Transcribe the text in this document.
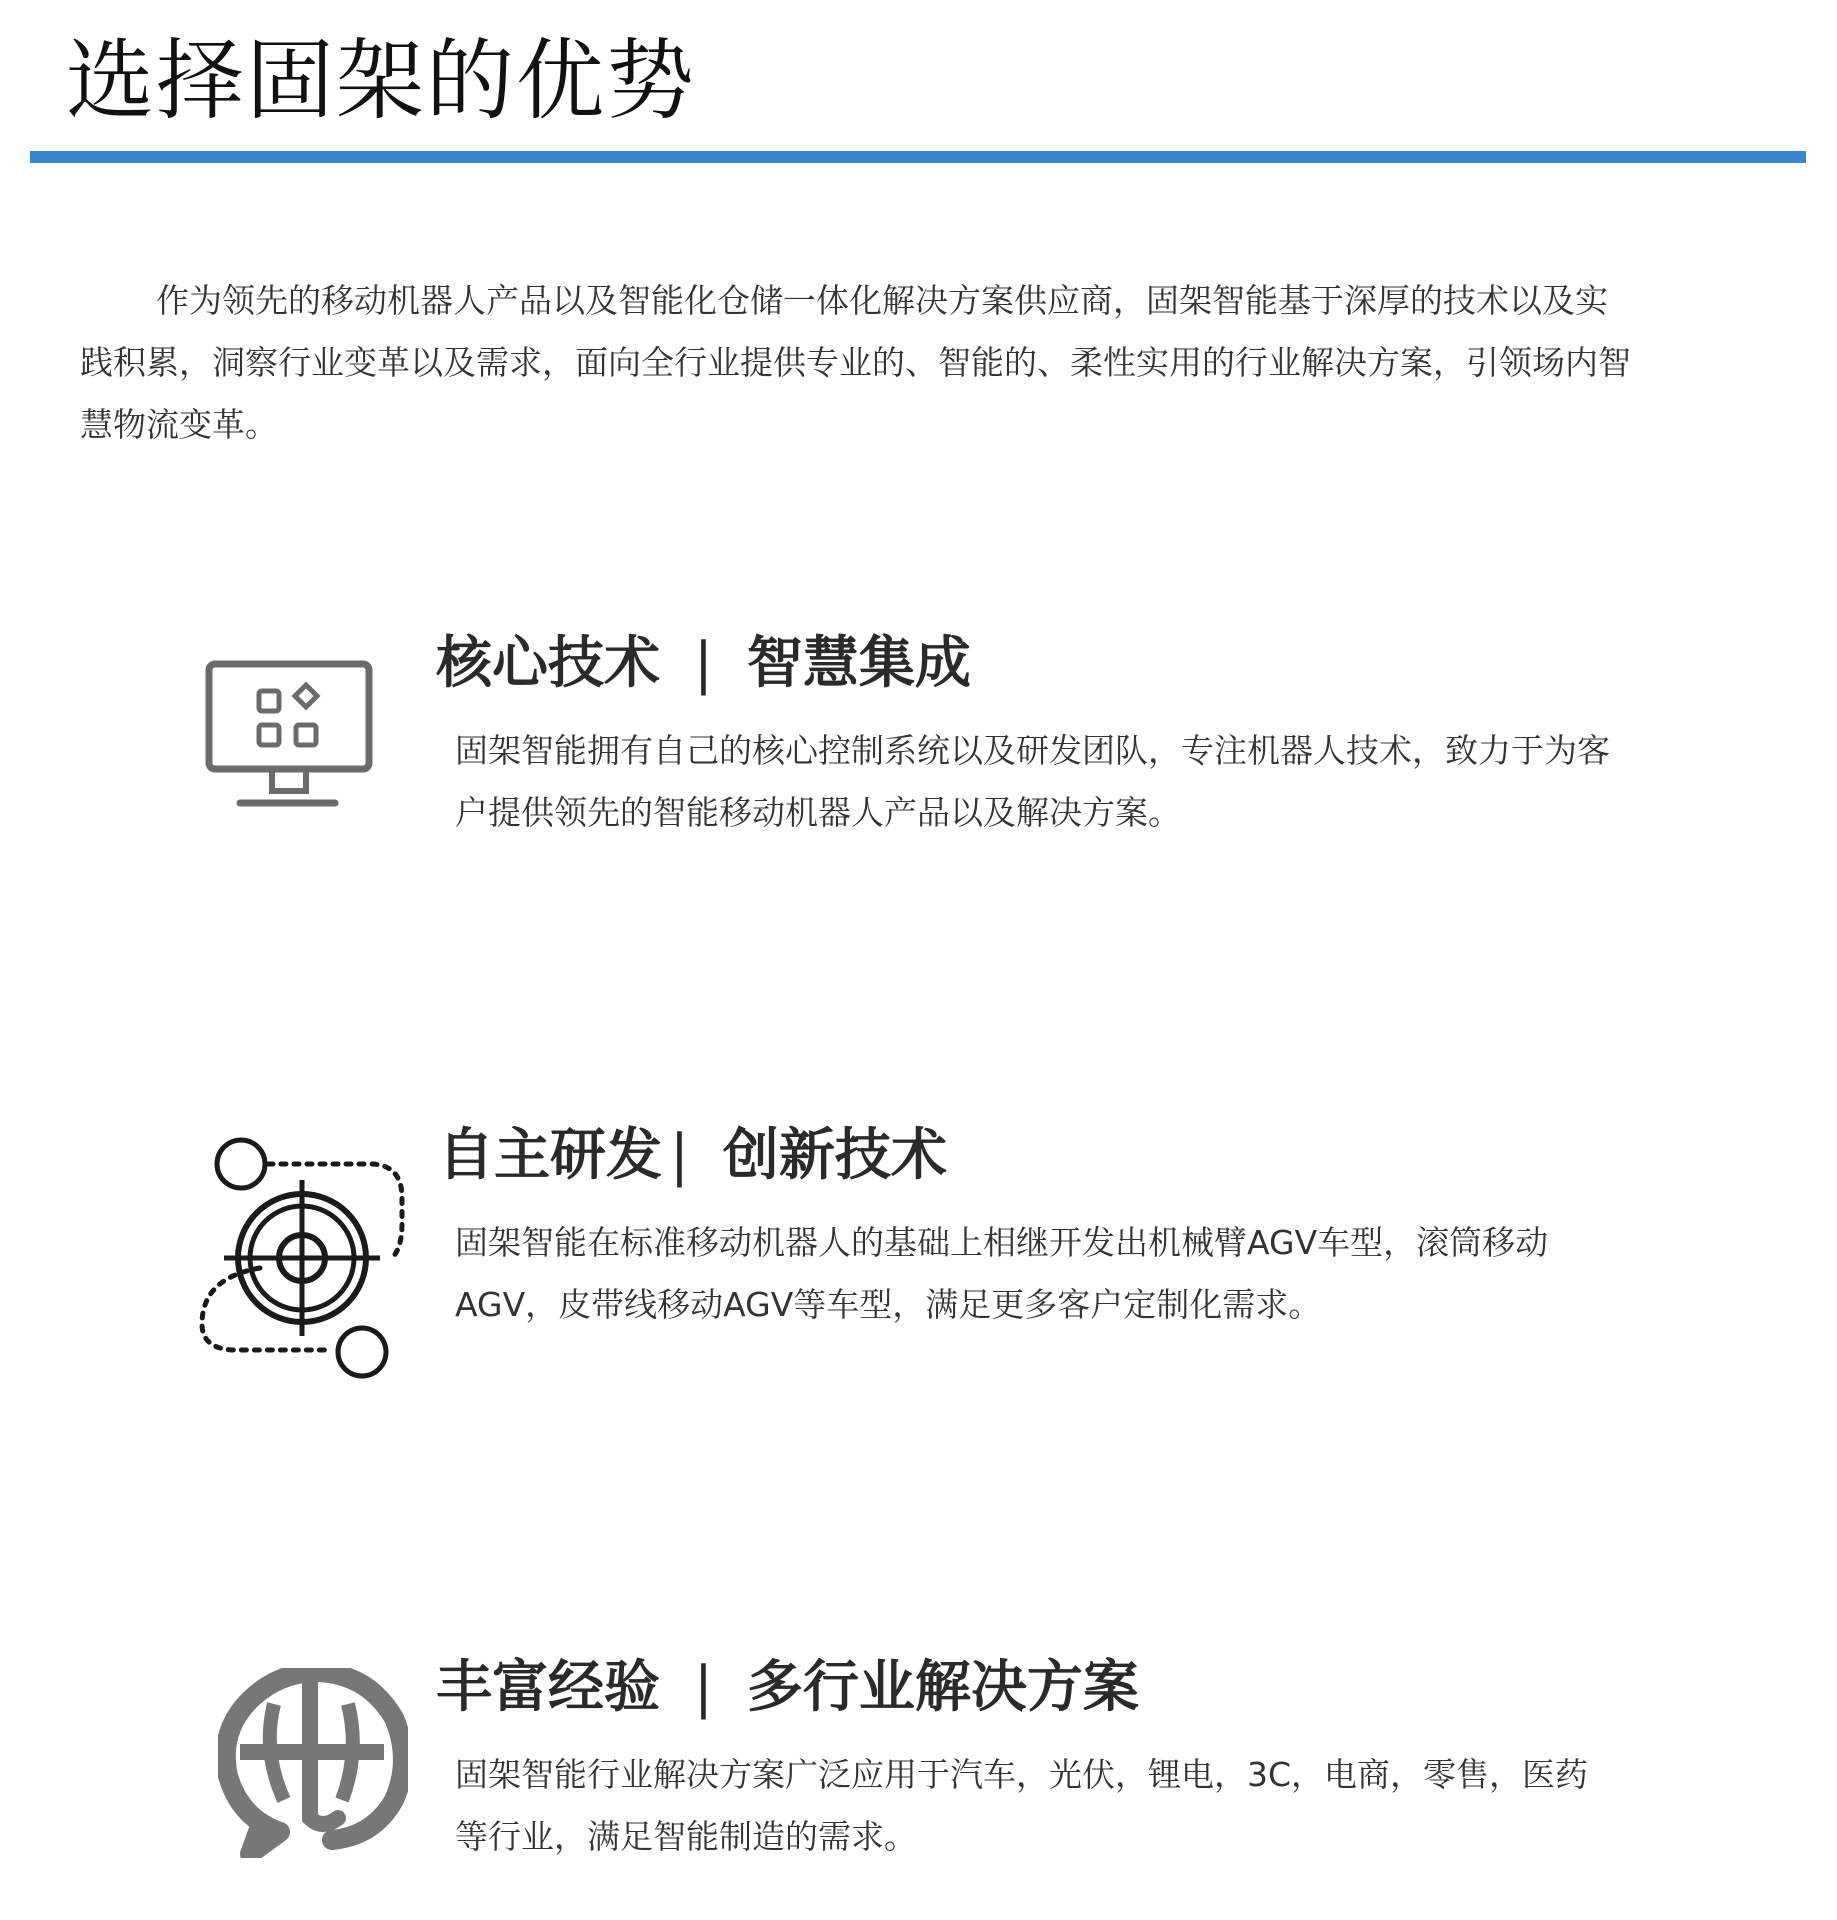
选择固架的优势

作为领先的移动机器人产品以及智能化仓储一体化解决方案供应商，固架智能基于深厚的技术以及实践积累，洞察行业变革以及需求，面向全行业提供专业的、智能的、柔性实用的行业解决方案，引领场内智慧物流变革。

核心技术 | 智慧集成

固架智能拥有自己的核心控制系统以及研发团队，专注机器人技术，致力于为客户提供领先的智能移动机器人产品以及解决方案。

自主研发 | 创新技术

固架智能在标准移动机器人的基础上相继开发出机械臂AGV车型，滚筒移动AGV，皮带线移动AGV等车型，满足更多客户定制化需求。

丰富经验 | 多行业解决方案

固架智能行业解决方案广泛应用于汽车，光伏，锂电，3C，电商，零售，医药等行业，满足智能制造的需求。
